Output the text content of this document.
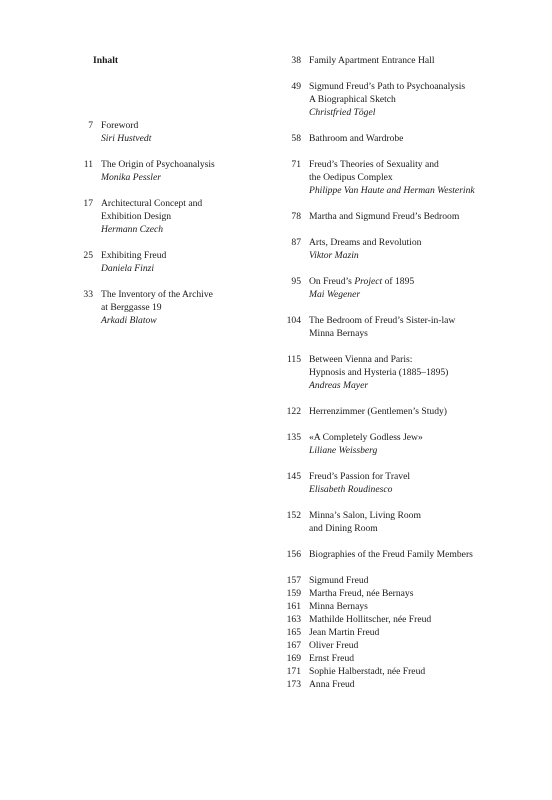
Inhalt
7 Foreword
Siri Hustvedt
11 The Origin of Psychoanalysis
Monika Pessler
17 Architectural Concept and
Exhibition Design
Hermann Czech
25 Exhibiting Freud
Daniela Finzi
33 The Inventory of the Archive
at Berggasse 19
Arkadi Blatow
38 Family Apartment Entrance Hall
49 Sigmund Freud’s Path to Psychoanalysis
A Biographical Sketch
Christfried Tögel
58 Bathroom and Wardrobe
71 Freud’s Theories of Sexuality and
the Oedipus Complex
Philippe Van Haute and Herman Westerink
78 Martha and Sigmund Freud’s Bedroom
87 Arts, Dreams and Revolution
Viktor Mazin
95 On Freud’s Project of 1895
Mai Wegener
104 The Bedroom of Freud’s Sister-in-law
Minna Bernays
115 Between Vienna and Paris:
Hypnosis and Hysteria (1885–1895)
Andreas Mayer
122 Herrenzimmer (Gentlemen’s Study)
135 «A Completely Godless Jew»
Liliane Weissberg
145 Freud’s Passion for Travel
Elisabeth Roudinesco
152 Minna’s Salon, Living Room
and Dining Room
156 Biographies of the Freud Family Members
157 Sigmund Freud
159 Martha Freud, née Bernays
161 Minna Bernays
163 Mathilde Hollitscher, née Freud
165 Jean Martin Freud
167 Oliver Freud
169 Ernst Freud
171 Sophie Halberstadt, née Freud
173 Anna Freud
